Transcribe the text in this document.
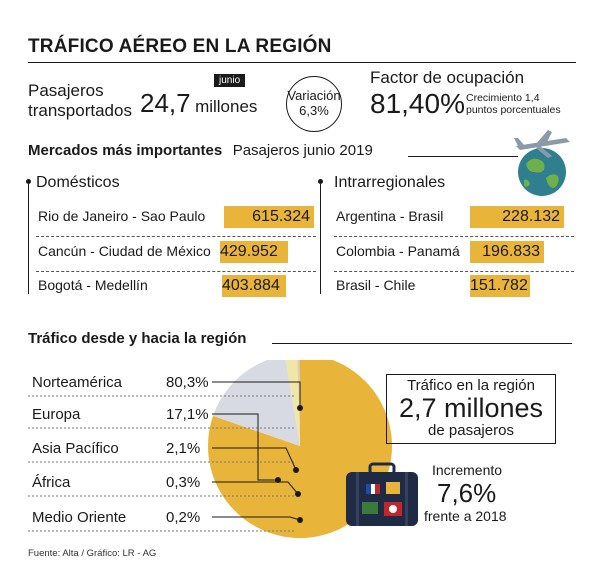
TRÁFICO AÉREO EN LA REGIÓN
Pasajeros
transportados
junio
24,7 millones
Variación
6,3%
Factor de ocupación
81,40% Crecimiento 1,4
puntos porcentuales
Mercados más importantes Pasajeros junio 2019
Domésticos
Rio de Janeiro - Sao Paulo	615.324
Cancún - Ciudad de México 429.952
Bogotá - Medellín	403.884
Intrarregionales
Argentina - Brasil	228.132
Colombia - Panamá	196.833
Brasil - Chile	151.782
Tráfico desde y hacia la región
Norteamérica	80,3%
Europa	17,1%
Asia Pacífico	2,1%
África	0,3%
Medio Oriente	0,2%
Tráfico en la región
2,7 millones
de pasajeros
Incremento
7,6%
frente a 2018
Fuente: Alta / Gráfico: LR - AG
